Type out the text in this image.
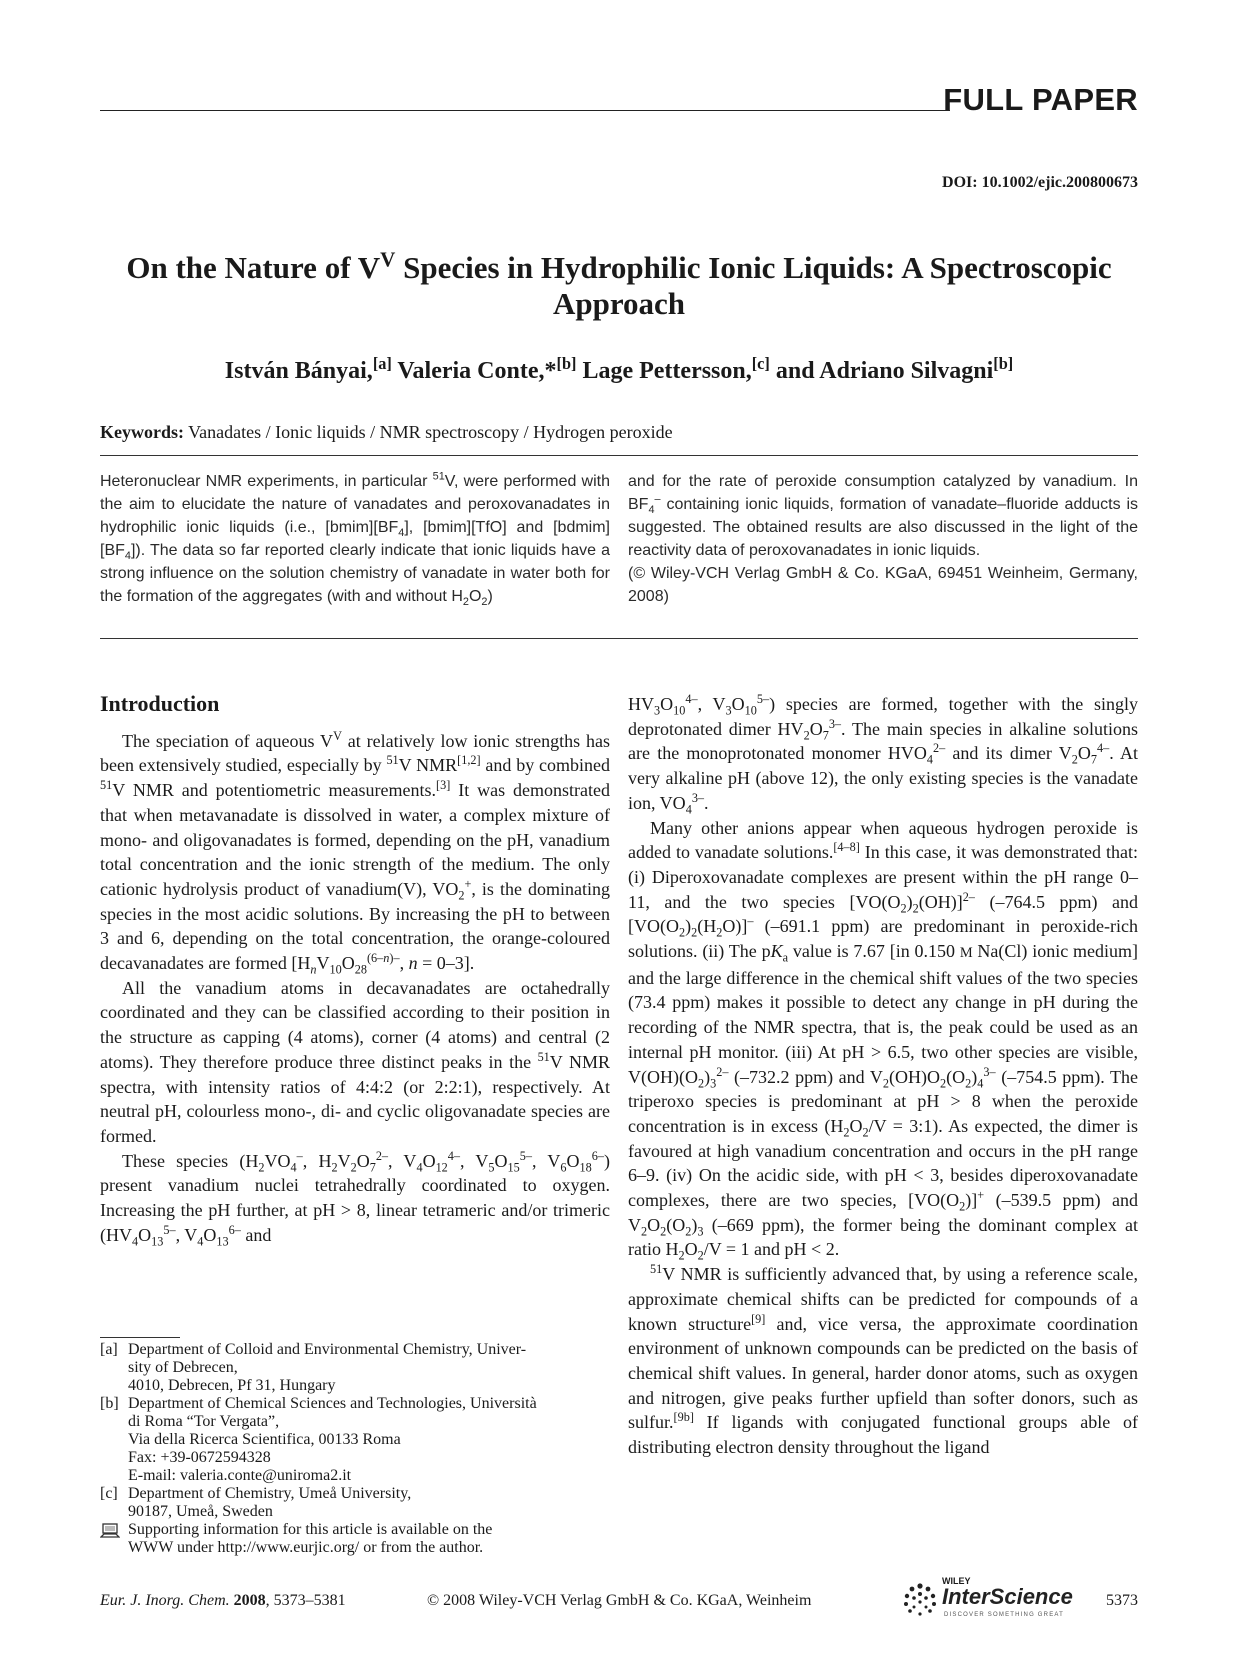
FULL PAPER
DOI: 10.1002/ejic.200800673
On the Nature of $V^V$ Species in Hydrophilic Ionic Liquids: A Spectroscopic Approach
István Bányai,[a] Valeria Conte,*[b] Lage Pettersson,[c] and Adriano Silvagni[b]
Keywords: Vanadates / Ionic liquids / NMR spectroscopy / Hydrogen peroxide

Heteronuclear NMR experiments, in particular $^{51}$V, were performed with the aim to elucidate the nature of vanadates and peroxovanadates in hydrophilic ionic liquids (i.e., $[bmim][BF_4]$, [bmim][TfO] and $[bdmim][BF_4]$). The data so far reported clearly indicate that ionic liquids have a strong influence on the solution chemistry of vanadate in water both for the formation of the aggregates (with and without $H_2O_2$)

and for the rate of peroxide consumption catalyzed by vanadium. In $BF_4^-$ containing ionic liquids, formation of vanadate–fluoride adducts is suggested. The obtained results are also discussed in the light of the reactivity data of peroxovanadates in ionic liquids.

(© Wiley-VCH Verlag GmbH & Co. KGaA, 69451 Weinheim, Germany, 2008)

Introduction

The speciation of aqueous $V^V$ at relatively low ionic strengths has been extensively studied, especially by $^{51}$V NMR[1,2] and by combined $^{51}$V NMR and potentiometric measurements.[3] It was demonstrated that when metavanadate is dissolved in water, a complex mixture of mono- and oligovanadates is formed, depending on the pH, vanadium total concentration and the ionic strength of the medium. The only cationic hydrolysis product of vanadium(V), $VO_2^+$, is the dominating species in the most acidic solutions. By increasing the pH to between 3 and 6, depending on the total concentration, the orange-coloured decavanadates are formed [$H_nV_{10}O_{28}^{(6-n)-}$, n = 0–3].

All the vanadium atoms in decavanadates are octahedrally coordinated and they can be classified according to their position in the structure as capping (4 atoms), corner (4 atoms) and central (2 atoms). They therefore produce three distinct peaks in the $^{51}$V NMR spectra, with intensity ratios of 4:4:2 (or 2:2:1), respectively. At neutral pH, colourless mono-, di- and cyclic oligovanadate species are formed.

These species ($H_2VO_4^-$, $H_2V_2O_7^{2-}$, $V_4O_{12}^{4-}$, $V_5O_{15}^{5-}$, $V_6O_{18}^{6-}$) present vanadium nuclei tetrahedrally coordinated to oxygen. Increasing the pH further, at pH > 8, linear tetrameric and/or trimeric ($HV_4O_{13}^{5-}$, $V_4O_{13}^{6-}$ and

[a] Department of Colloid and Environmental Chemistry, Univer-
sity of Debrecen,
4010, Debrecen, Pf 31, Hungary
[b] Department of Chemical Sciences and Technologies, Università
di Roma “Tor Vergata”,
Via della Ricerca Scientifica, 00133 Roma
Fax: +39-0672594328
E-mail: valeria.conte@uniroma2.it
[c] Department of Chemistry, Umeå University,
90187, Umeå, Sweden
Supporting information for this article is available on the
WWW under http://www.eurjic.org/ or from the author.

$HV_3O_{10}^{4-}$, $V_3O_{10}^{5-}$) species are formed, together with the singly deprotonated dimer $HV_2O_7^{3-}$. The main species in alkaline solutions are the monoprotonated monomer $HVO_4^{2-}$ and its dimer $V_2O_7^{4-}$. At very alkaline pH (above 12), the only existing species is the vanadate ion, $VO_4^{3-}$.

Many other anions appear when aqueous hydrogen peroxide is added to vanadate solutions.[4–8] In this case, it was demonstrated that: (i) Diperoxovanadate complexes are present within the pH range 0–11, and the two species $[VO(O_2)_2(OH)]^{2-}$ (–764.5 ppm) and $[VO(O_2)_2(H_2O)]^-$ (–691.1 ppm) are predominant in peroxide-rich solutions. (ii) The $pK_a$ value is 7.67 [in 0.150 M Na(Cl) ionic medium] and the large difference in the chemical shift values of the two species (73.4 ppm) makes it possible to detect any change in pH during the recording of the NMR spectra, that is, the peak could be used as an internal pH monitor. (iii) At pH > 6.5, two other species are visible, $V(OH)(O_2)_3^{2-}$ (–732.2 ppm) and $V_2(OH)O_2(O_2)_4^{3-}$ (–754.5 ppm). The triperoxo species is predominant at pH > 8 when the peroxide concentration is in excess ($H_2O_2/V$ = 3:1). As expected, the dimer is favoured at high vanadium concentration and occurs in the pH range 6–9. (iv) On the acidic side, with pH < 3, besides diperoxovanadate complexes, there are two species, $[VO(O_2)]^+$ (–539.5 ppm) and $V_2O_2(O_2)_3$ (–669 ppm), the former being the dominant complex at ratio $H_2O_2/V = 1$ and pH < 2.

$^{51}$V NMR is sufficiently advanced that, by using a reference scale, approximate chemical shifts can be predicted for compounds of a known structure[9] and, vice versa, the approximate coordination environment of unknown compounds can be predicted on the basis of chemical shift values. In general, harder donor atoms, such as oxygen and nitrogen, give peaks further upfield than softer donors, such as sulfur.[9b] If ligands with conjugated functional groups able of distributing electron density throughout the ligand

Eur. J. Inorg. Chem. 2008, 5373–5381	© 2008 Wiley-VCH Verlag GmbH & Co. KGaA, Weinheim
WILEY
InterScience
DISCOVER SOMETHING GREAT
5373
